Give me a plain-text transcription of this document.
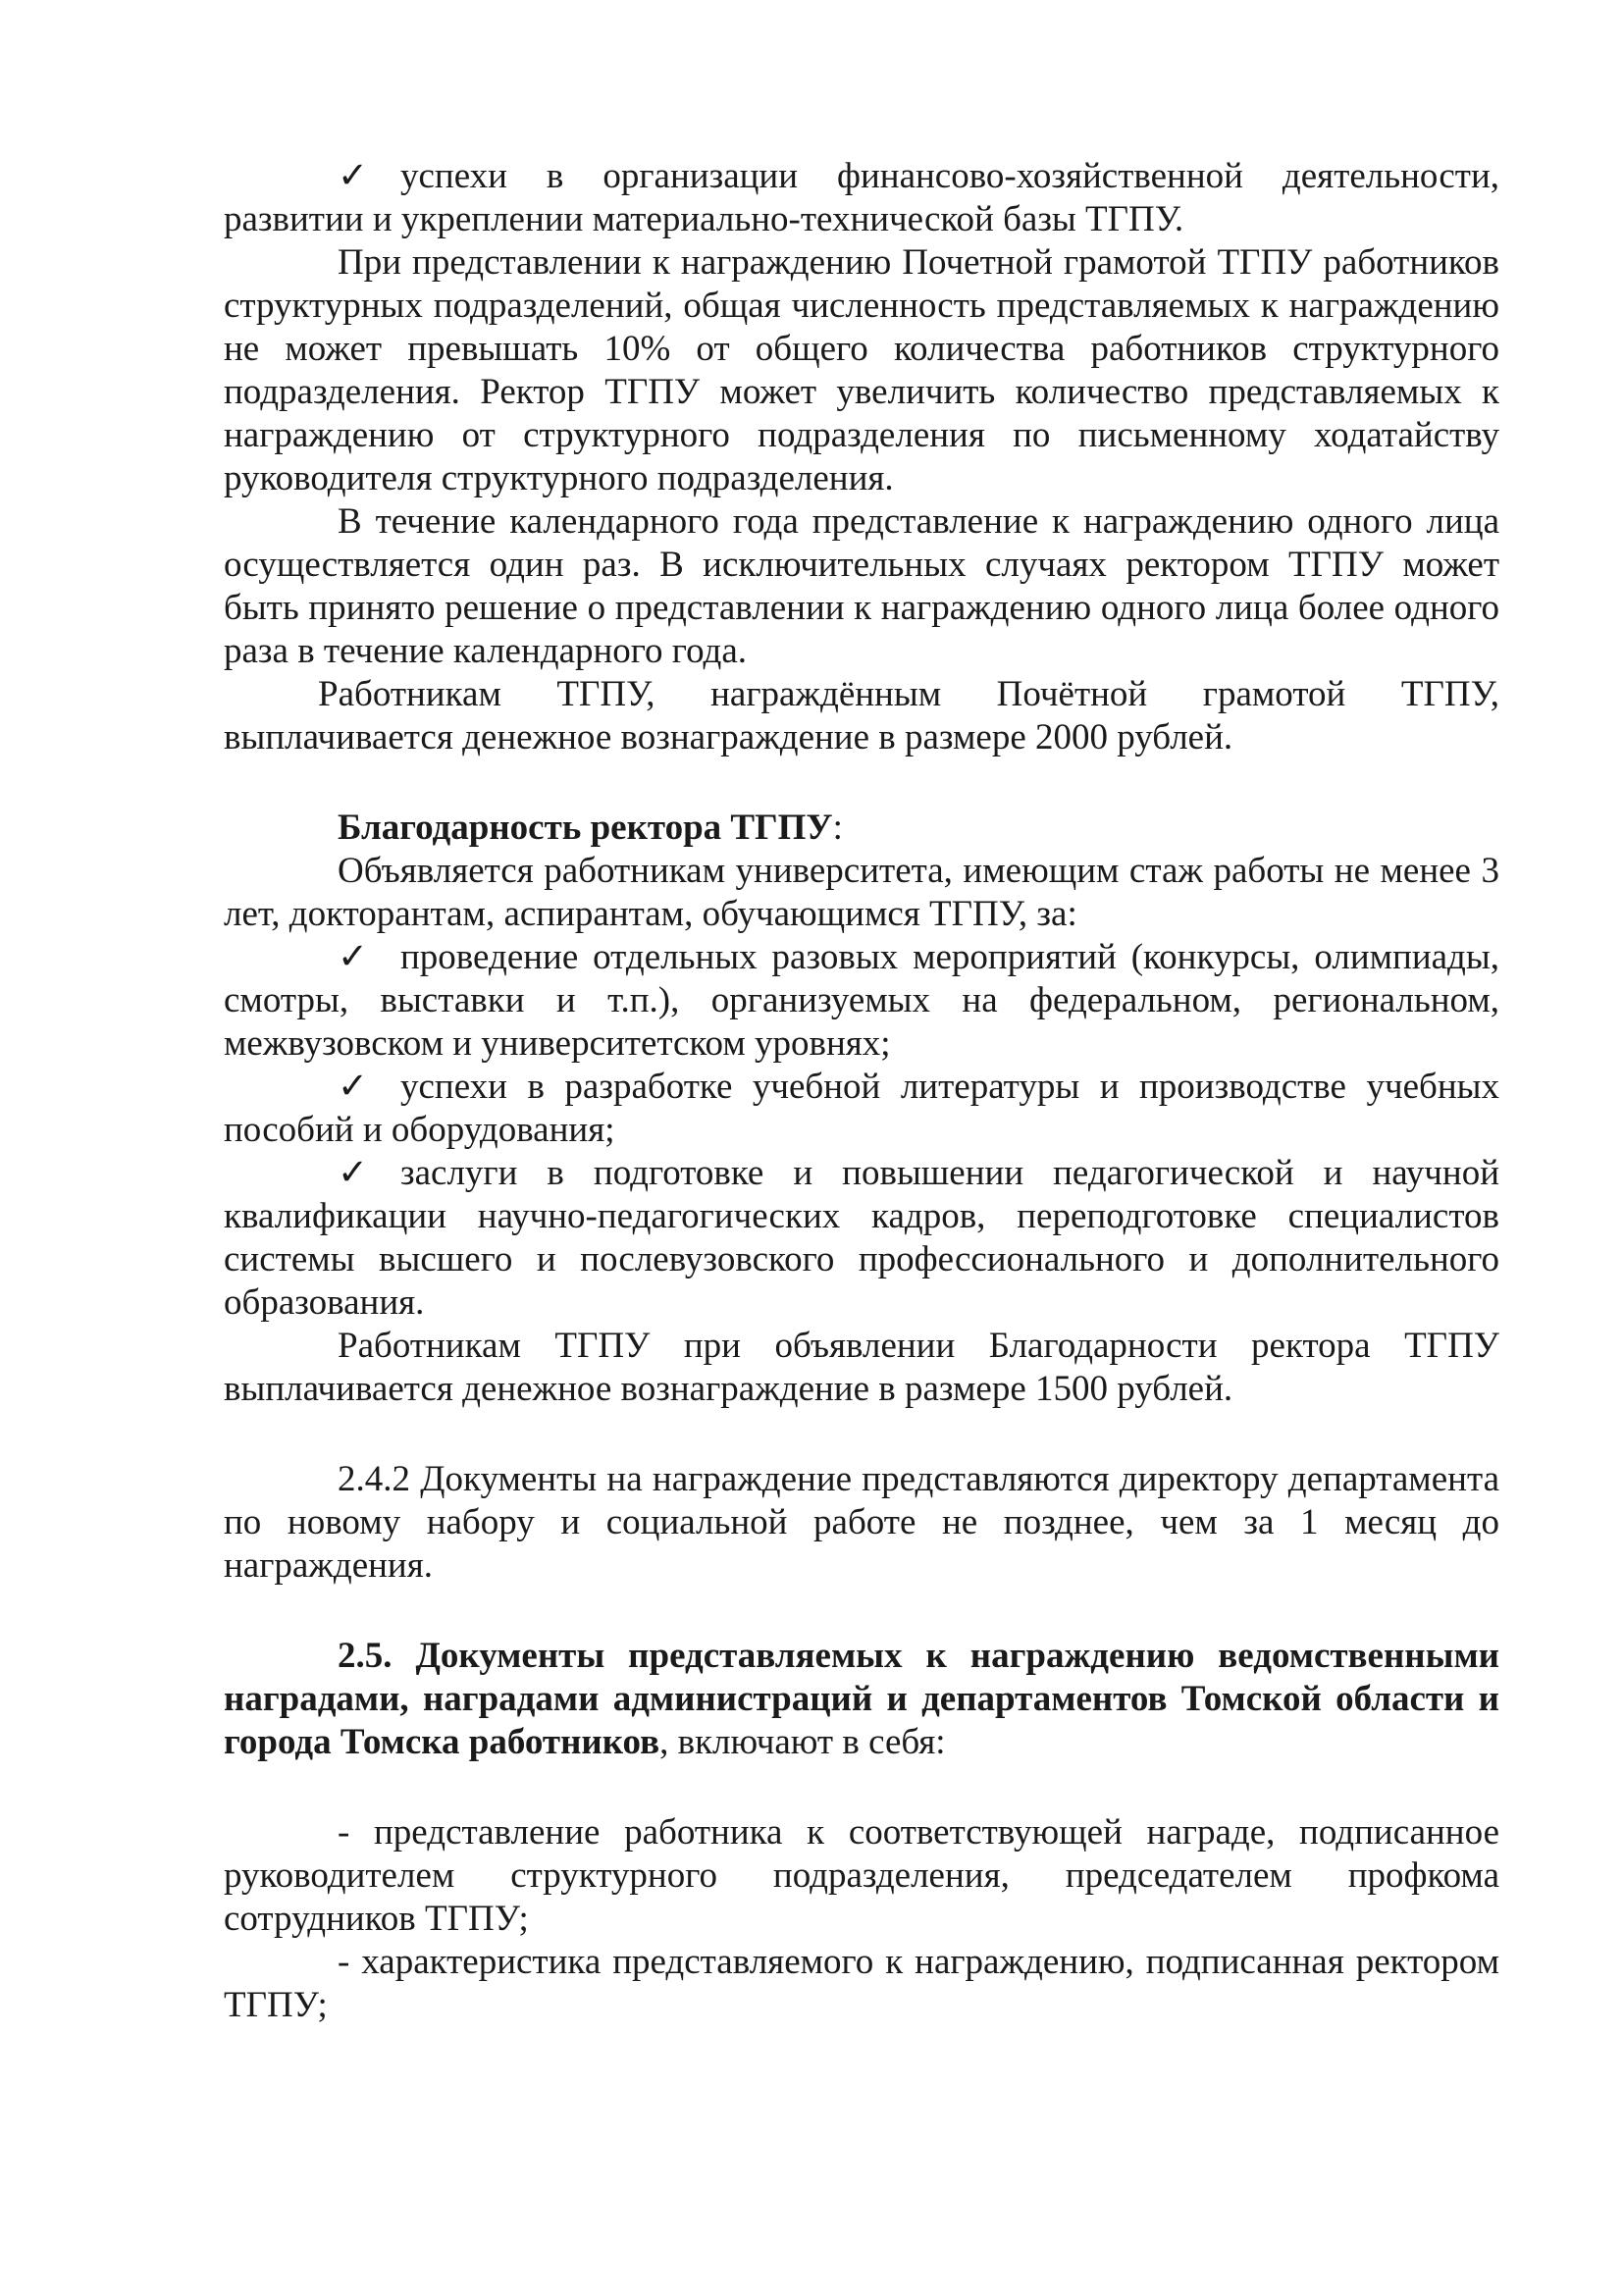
✓ успехи в организации финансово-хозяйственной деятельности, развитии и укреплении материально-технической базы ТГПУ.

При представлении к награждению Почетной грамотой ТГПУ работников структурных подразделений, общая численность представляемых к награждению не может превышать 10% от общего количества работников структурного подразделения. Ректор ТГПУ может увеличить количество представляемых к награждению от структурного подразделения по письменному ходатайству руководителя структурного подразделения.

В течение календарного года представление к награждению одного лица осуществляется один раз. В исключительных случаях ректором ТГПУ может быть принято решение о представлении к награждению одного лица более одного раза в течение календарного года.

Работникам ТГПУ, награждённым Почётной грамотой ТГПУ, выплачивается денежное вознаграждение в размере 2000 рублей.

Благодарность ректора ТГПУ:

Объявляется работникам университета, имеющим стаж работы не менее 3 лет, докторантам, аспирантам, обучающимся ТГПУ, за:

✓ проведение отдельных разовых мероприятий (конкурсы, олимпиады, смотры, выставки и т.п.), организуемых на федеральном, региональном, межвузовском и университетском уровнях;

✓ успехи в разработке учебной литературы и производстве учебных пособий и оборудования;

✓ заслуги в подготовке и повышении педагогической и научной квалификации научно-педагогических кадров, переподготовке специалистов системы высшего и послевузовского профессионального и дополнительного образования.

Работникам ТГПУ при объявлении Благодарности ректора ТГПУ выплачивается денежное вознаграждение в размере 1500 рублей.

2.4.2 Документы на награждение представляются директору департамента по новому набору и социальной работе не позднее, чем за 1 месяц до награждения.

2.5. Документы представляемых к награждению ведомственными наградами, наградами администраций и департаментов Томской области и города Томска работников, включают в себя:

- представление работника к соответствующей награде, подписанное руководителем структурного подразделения, председателем профкома сотрудников ТГПУ;

- характеристика представляемого к награждению, подписанная ректором ТГПУ;
